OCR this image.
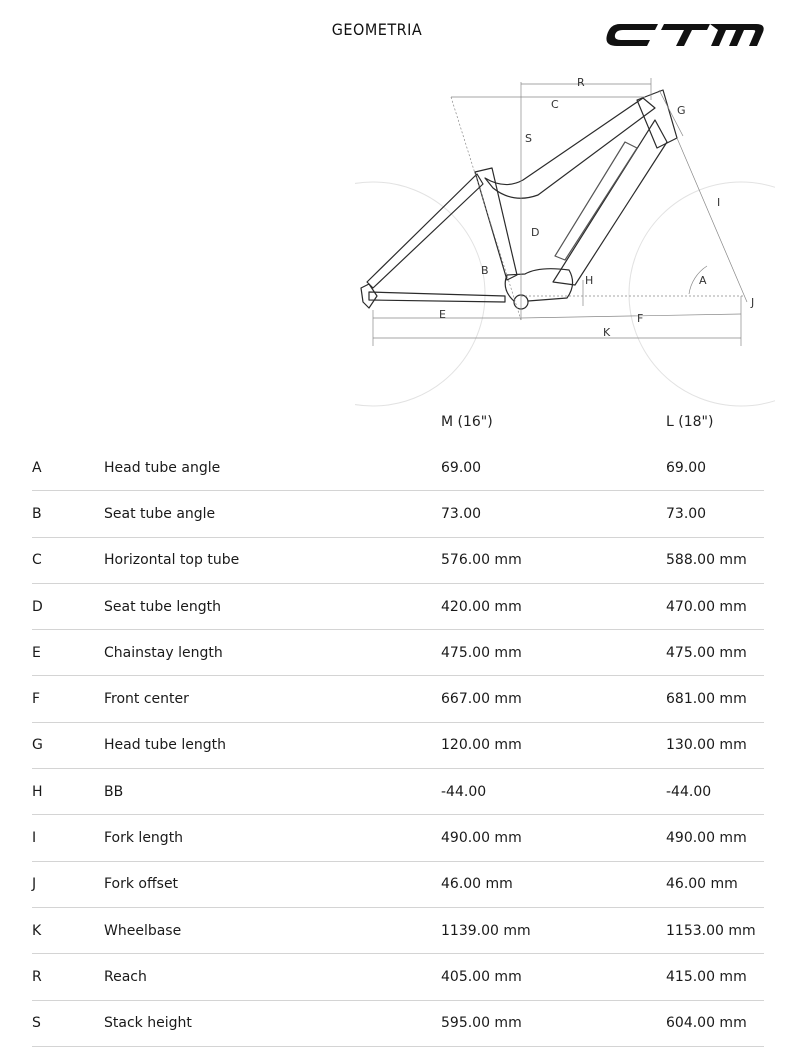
GEOMETRIA
R
C	G
S
I
D
B
H	A
J
E	F
K
M (16")	L (18")
A	Head tube angle	69.00	69.00
B	Seat tube angle	73.00	73.00
C	Horizontal top tube	576.00 mm	588.00 mm
D	Seat tube length	420.00 mm	470.00 mm
E	Chainstay length	475.00 mm	475.00 mm
F	Front center	667.00 mm	681.00 mm
G	Head tube length	120.00 mm	130.00 mm
H	BB	-44.00	-44.00
I	Fork length	490.00 mm	490.00 mm
J	Fork offset	46.00 mm	46.00 mm
K	Wheelbase	1139.00 mm	1153.00 mm
R	Reach	405.00 mm	415.00 mm
S	Stack height	595.00 mm	604.00 mm
